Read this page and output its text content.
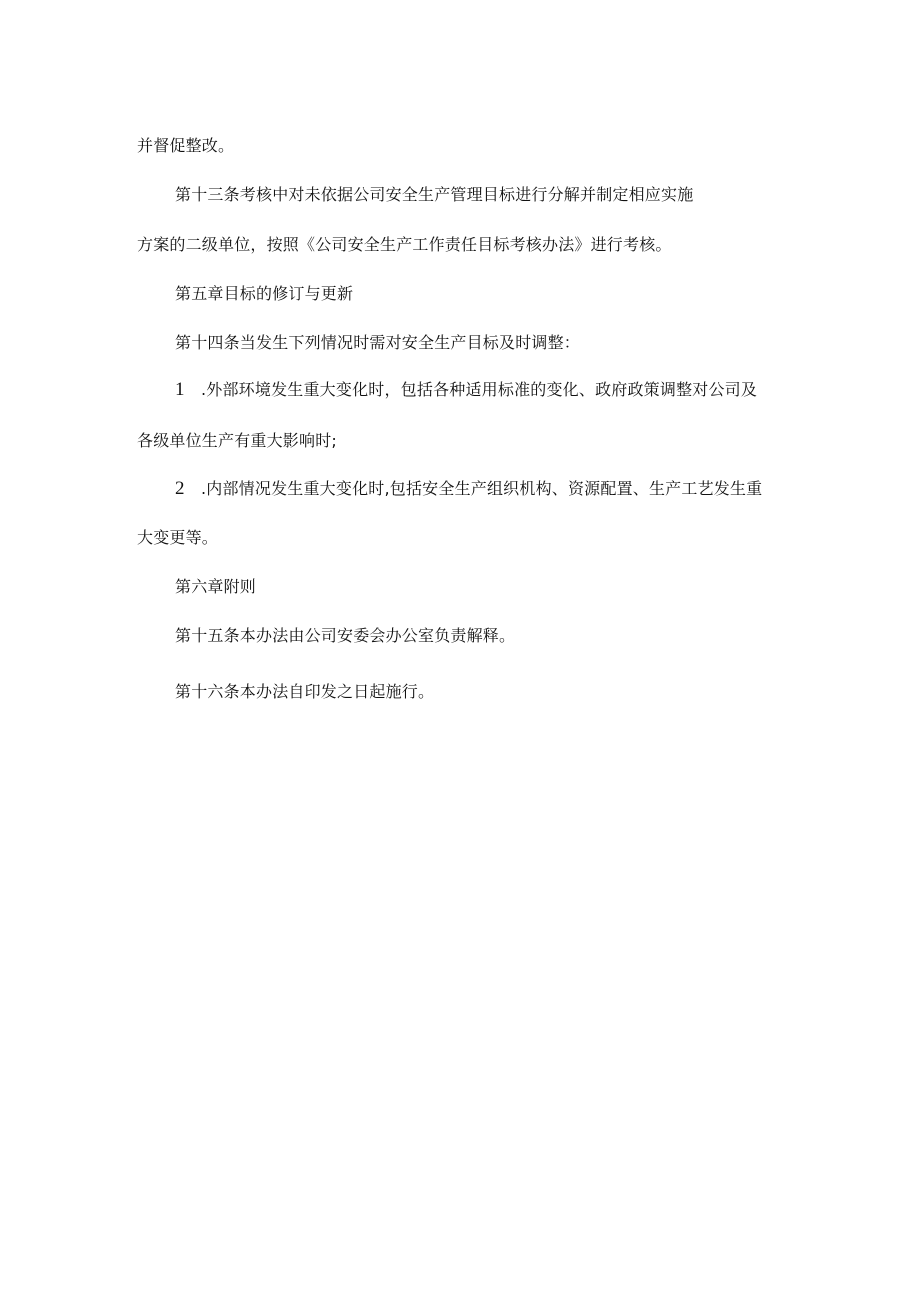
并督促整改。
第十三条考核中对未依据公司安全生产管理目标进行分解并制定相应实施
方案的二级单位，按照《公司安全生产工作责任目标考核办法》进行考核。
第五章目标的修订与更新
第十四条当发生下列情况时需对安全生产目标及时调整：
1 .外部环境发生重大变化时，包括各种适用标准的变化、政府政策调整对公司及
各级单位生产有重大影响时;
2 .内部情况发生重大变化时,包括安全生产组织机构、资源配置、生产工艺发生重
大变更等。
第六章附则
第十五条本办法由公司安委会办公室负责解释。
第十六条本办法自印发之日起施行。
